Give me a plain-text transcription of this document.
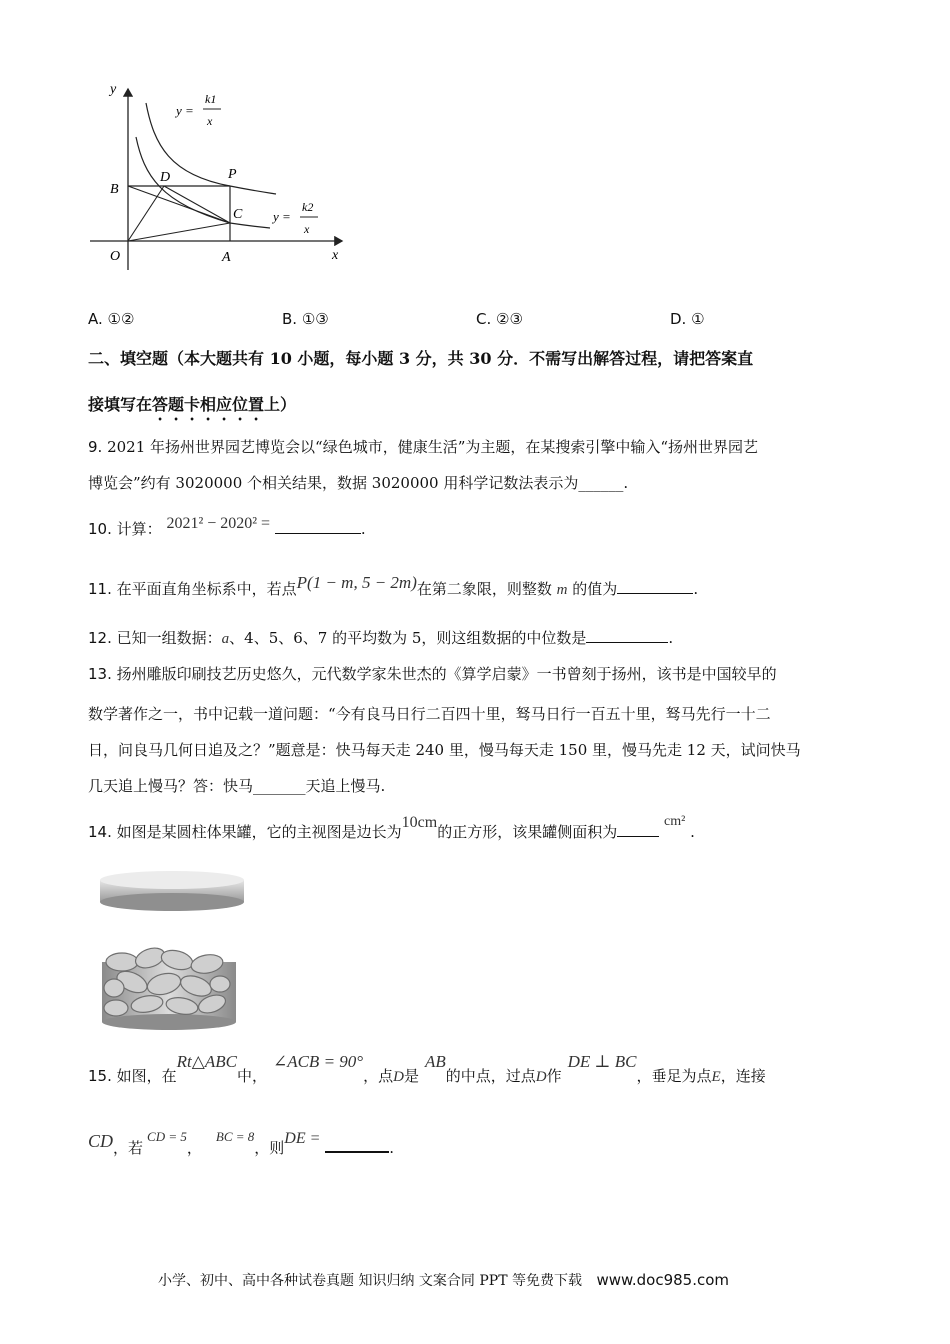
y
x
O	A
B
C
D	P
y =
k1
x
y =
k2
x
A. ①②	B. ①③	C. ②③	D. ①
二、填空题（本大题共有 10 小题，每小题 3 分，共 30 分．不需写出解答过程，请把答案直
接填写在答题卡相应位置上）
9. 2021 年扬州世界园艺博览会以“绿色城市，健康生活”为主题，在某搜索引擎中输入“扬州世界园艺
博览会”约有 3020000 个相关结果，数据 3020000 用科学记数法表示为______.
10. 计算： 2021² − 2020² =	.
11. 在平面直角坐标系中，若点P(1 − m, 5 − 2m)在第二象限，则整数 m 的值为	.
12. 已知一组数据：a、4、5、6、7 的平均数为 5，则这组数据的中位数是	.
13. 扬州雕版印刷技艺历史悠久，元代数学家朱世杰的《算学启蒙》一书曾刻于扬州，该书是中国较早的
数学著作之一，书中记载一道问题：“今有良马日行二百四十里，驽马日行一百五十里，驽马先行一十二
日，问良马几何日追及之？”题意是：快马每天走 240 里，慢马每天走 150 里，慢马先走 12 天，试问快马
几天追上慢马？答：快马_______天追上慢马.
14. 如图是某圆柱体果罐，它的主视图是边长为10cm的正方形，该果罐侧面积为 cm² .
15. 如图，在Rt△ABC中，∠ACB = 90°，点D是AB的中点，过点D作DE ⊥ BC，垂足为点E，连接
CD，若CD = 5，BC = 8，则DE = .
小学、初中、高中各种试卷真题 知识归纳 文案合同 PPT 等免费下载 www.doc985.com
